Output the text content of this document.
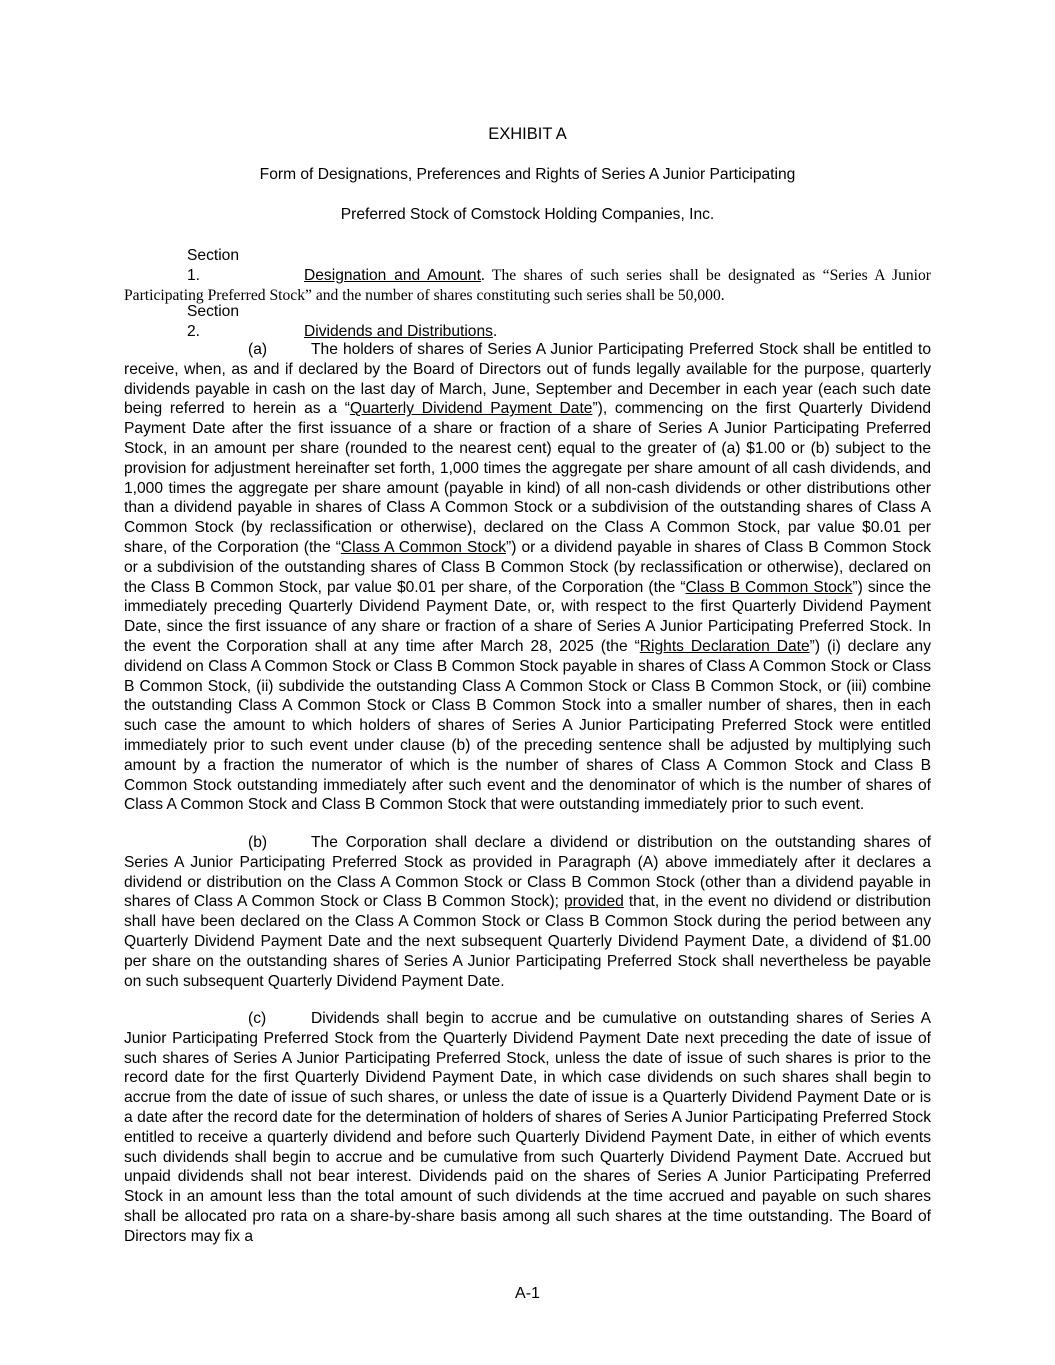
EXHIBIT A

Form of Designations, Preferences and Rights of Series A Junior Participating

Preferred Stock of Comstock Holding Companies, Inc.

Section 1.	Designation and Amount. The shares of such series shall be designated as “Series A Junior Participating Preferred Stock” and the number of shares constituting such series shall be 50,000.

Section 2.	Dividends and Distributions.

(a)	The holders of shares of Series A Junior Participating Preferred Stock shall be entitled to receive, when, as and if declared by the Board of Directors out of funds legally available for the purpose, quarterly dividends payable in cash on the last day of March, June, September and December in each year (each such date being referred to herein as a “Quarterly Dividend Payment Date”), commencing on the first Quarterly Dividend Payment Date after the first issuance of a share or fraction of a share of Series A Junior Participating Preferred Stock, in an amount per share (rounded to the nearest cent) equal to the greater of (a) $1.00 or (b) subject to the provision for adjustment hereinafter set forth, 1,000 times the aggregate per share amount of all cash dividends, and 1,000 times the aggregate per share amount (payable in kind) of all non-cash dividends or other distributions other than a dividend payable in shares of Class A Common Stock or a subdivision of the outstanding shares of Class A Common Stock (by reclassification or otherwise), declared on the Class A Common Stock, par value $0.01 per share, of the Corporation (the “Class A Common Stock”) or a dividend payable in shares of Class B Common Stock or a subdivision of the outstanding shares of Class B Common Stock (by reclassification or otherwise), declared on the Class B Common Stock, par value $0.01 per share, of the Corporation (the “Class B Common Stock”) since the immediately preceding Quarterly Dividend Payment Date, or, with respect to the first Quarterly Dividend Payment Date, since the first issuance of any share or fraction of a share of Series A Junior Participating Preferred Stock. In the event the Corporation shall at any time after March 28, 2025 (the “Rights Declaration Date”) (i) declare any dividend on Class A Common Stock or Class B Common Stock payable in shares of Class A Common Stock or Class B Common Stock, (ii) subdivide the outstanding Class A Common Stock or Class B Common Stock, or (iii) combine the outstanding Class A Common Stock or Class B Common Stock into a smaller number of shares, then in each such case the amount to which holders of shares of Series A Junior Participating Preferred Stock were entitled immediately prior to such event under clause (b) of the preceding sentence shall be adjusted by multiplying such amount by a fraction the numerator of which is the number of shares of Class A Common Stock and Class B Common Stock outstanding immediately after such event and the denominator of which is the number of shares of Class A Common Stock and Class B Common Stock that were outstanding immediately prior to such event.

(b)	The Corporation shall declare a dividend or distribution on the outstanding shares of Series A Junior Participating Preferred Stock as provided in Paragraph (A) above immediately after it declares a dividend or distribution on the Class A Common Stock or Class B Common Stock (other than a dividend payable in shares of Class A Common Stock or Class B Common Stock); provided that, in the event no dividend or distribution shall have been declared on the Class A Common Stock or Class B Common Stock during the period between any Quarterly Dividend Payment Date and the next subsequent Quarterly Dividend Payment Date, a dividend of $1.00 per share on the outstanding shares of Series A Junior Participating Preferred Stock shall nevertheless be payable on such subsequent Quarterly Dividend Payment Date.

(c)	Dividends shall begin to accrue and be cumulative on outstanding shares of Series A Junior Participating Preferred Stock from the Quarterly Dividend Payment Date next preceding the date of issue of such shares of Series A Junior Participating Preferred Stock, unless the date of issue of such shares is prior to the record date for the first Quarterly Dividend Payment Date, in which case dividends on such shares shall begin to accrue from the date of issue of such shares, or unless the date of issue is a Quarterly Dividend Payment Date or is a date after the record date for the determination of holders of shares of Series A Junior Participating Preferred Stock entitled to receive a quarterly dividend and before such Quarterly Dividend Payment Date, in either of which events such dividends shall begin to accrue and be cumulative from such Quarterly Dividend Payment Date. Accrued but unpaid dividends shall not bear interest. Dividends paid on the shares of Series A Junior Participating Preferred Stock in an amount less than the total amount of such dividends at the time accrued and payable on such shares shall be allocated pro rata on a share-by-share basis among all such shares at the time outstanding. The Board of Directors may fix a

A-1
